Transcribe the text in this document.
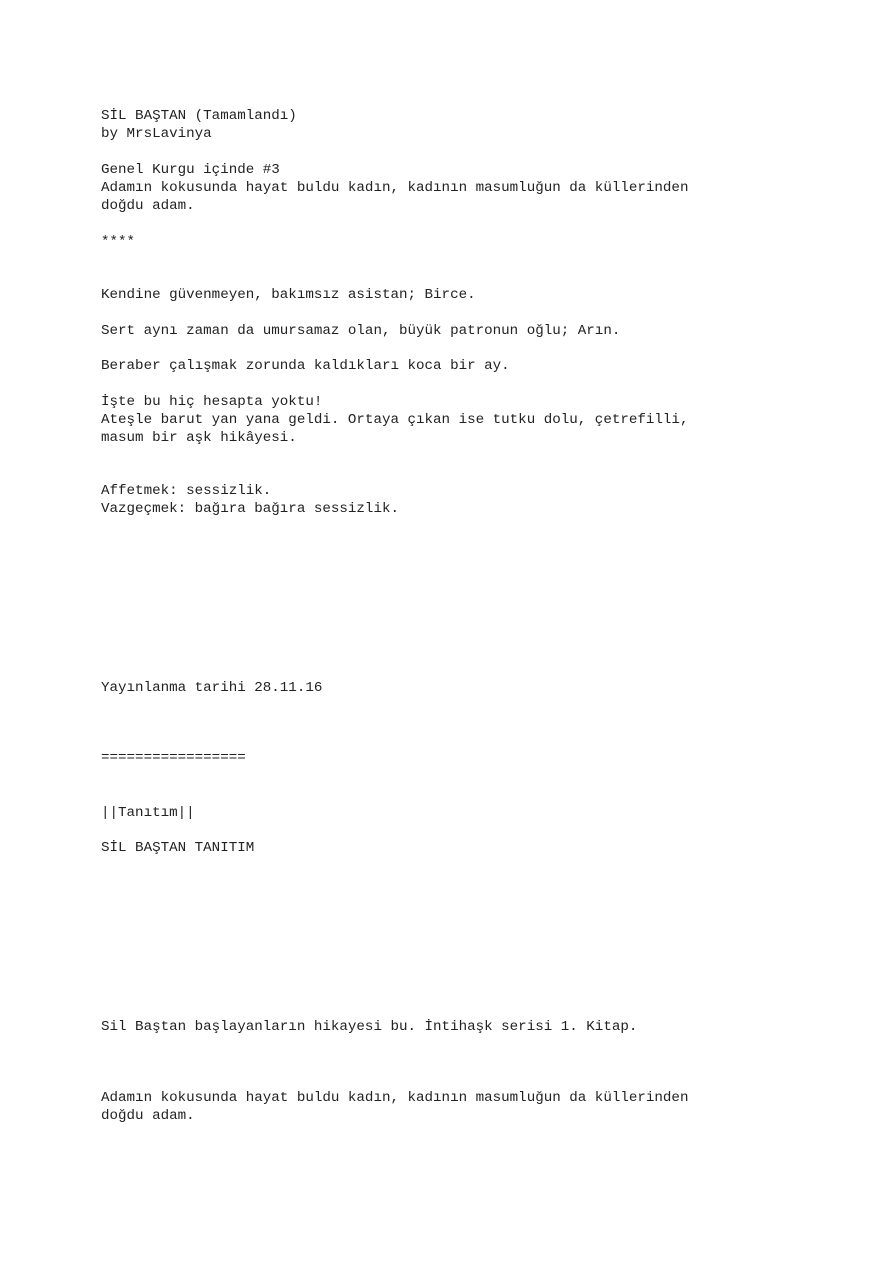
SİL BAŞTAN (Tamamlandı)

by MrsLavinya

Genel Kurgu içinde #3

Adamın kokusunda hayat buldu kadın, kadının masumluğun da küllerinden

doğdu adam.

****

Kendine güvenmeyen, bakımsız asistan; Birce.

Sert aynı zaman da umursamaz olan, büyük patronun oğlu; Arın.

Beraber çalışmak zorunda kaldıkları koca bir ay.

İşte bu hiç hesapta yoktu!

Ateşle barut yan yana geldi. Ortaya çıkan ise tutku dolu, çetrefilli,

masum bir aşk hikâyesi.

Affetmek: sessizlik.

Vazgeçmek: bağıra bağıra sessizlik.

Yayınlanma tarihi 28.11.16

=================

||Tanıtım||

SİL BAŞTAN TANITIM

Sil Baştan başlayanların hikayesi bu. İntihaşk serisi 1. Kitap.

Adamın kokusunda hayat buldu kadın, kadının masumluğun da küllerinden

doğdu adam.
